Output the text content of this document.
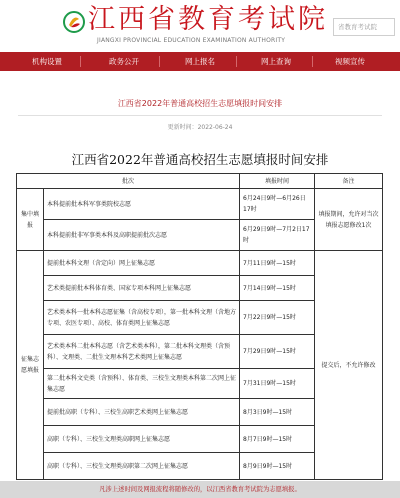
江西省教育考试院
JIANGXI PROVINCIAL EDUCATION EXAMINATION AUTHORITY
省教育考试院
机构设置	政务公开	网上报名	网上查询	视频宣传
江西省2022年普通高校招生志愿填报时间安排
更新时间：2022-06-24
江西省2022年普通高校招生志愿填报时间安排
批次		填报时间	备注
集中填报	本科提前批本科军事类院校志愿	6月24日9时—6月26日17时	填报期间，允许对当次填报志愿修改1次
	本科提前批非军事类本科及高职提前批次志愿	6月29日9时—7月2日17时	
征集志愿填报	提前批本科文理（含定向）网上征集志愿	7月11日9时—15时	提交后，不允许修改
	艺术类提前批本科体育类、国家专项本科网上征集志愿	7月14日9时—15时	
	艺术类本科一批本科志愿征集（含高校专项），第一批本科文理（含地方专项、农医专项）、高校、体育类网上征集志愿	7月22日9时—15时	
	艺术类本科二批本科志愿（含艺术类本科），第二批本科文理类（含预科）、文理类、二批生文理本科艺术类网上征集志愿	7月29日9时—15时	
	第二批本科文史类（含预科）、体育类、三校生文理类本科第二次网上征集志愿	7月31日9时—15时	
	提前批高职（专科）、三校生高职艺术类网上征集志愿	8月3日9时—15时	
	高职（专科）、三校生文理类高职网上征集志愿	8月7日9时—15时	
	高职（专科）、三校生文理类高职第二次网上征集志愿	8月9日9时—15时	
凡涉上述时间及网报流程将随修改的，以江西省教育考试院为志愿填报。
